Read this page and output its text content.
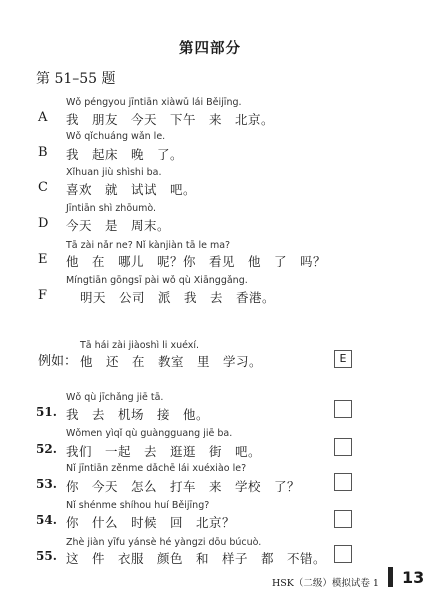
第四部分
第 51–55 题
Wǒ péngyou jīntiān xiàwǔ lái Běijīng.
A 我　朋友　今天　下午　来　北京。
Wǒ qǐchuáng wǎn le.
B 我　起床　晚　了。
Xǐhuan jiù shìshi ba.
C 喜欢　就　试试　吧。
Jīntiān shì zhōumò.
D 今天　是　周末。
Tā zài nǎr ne? Nǐ kànjiàn tā le ma?
E 他　在　哪儿　呢？你　看见　他　了　吗？
Míngtiān gōngsī pài wǒ qù Xiānggǎng.
F	明天　公司　派　我　去　香港。
Tā hái zài jiàoshì li xuéxí.
例如： 他　还　在　教室　里　学习。	E
Wǒ qù jīchǎng jiē tā.
51. 我　去　机场　接　他。
Wǒmen yìqǐ qù guàngguang jiē ba.
52. 我们　一起　去　逛逛　街　吧。
Nǐ jīntiān zěnme dǎchē lái xuéxiào le?
53. 你　今天　怎么　打车　来　学校　了？
Nǐ shénme shíhou huí Běijīng?
54. 你　什么　时候　回　北京？
Zhè jiàn yīfu yánsè hé yàngzi dōu búcuò.
55. 这　件　衣服　颜色　和　样子　都　不错。
HSK（二级）模拟试卷 1 13
